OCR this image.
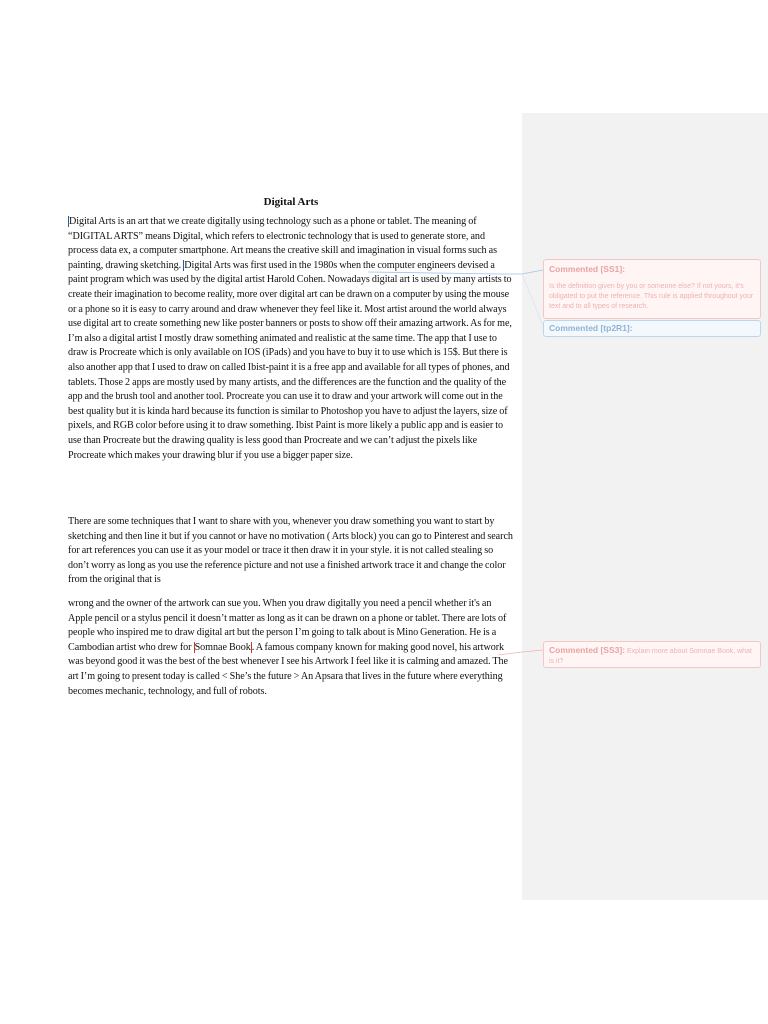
Digital Arts
Digital Arts is an art that we create digitally using technology such as a phone or tablet. The meaning of “DIGITAL ARTS” means Digital, which refers to electronic technology that is used to generate store, and process data ex, a computer smartphone. Art means the creative skill and imagination in visual forms such as painting, drawing sketching. Digital Arts was first used in the 1980s when the computer engineers devised a paint program which was used by the digital artist Harold Cohen. Nowadays digital art is used by many artists to create their imagination to become reality, more over digital art can be drawn on a computer by using the mouse or a phone so it is easy to carry around and draw whenever they feel like it. Most artist around the world always use digital art to create something new like poster banners or posts to show off their amazing artwork. As for me, I’m also a digital artist I mostly draw something animated and realistic at the same time. The app that I use to draw is Procreate which is only available on IOS (iPads) and you have to buy it to use which is 15$. But there is also another app that I used to draw on called Ibist-paint it is a free app and available for all types of phones, and tablets. Those 2 apps are mostly used by many artists, and the differences are the function and the quality of the app and the brush tool and another tool. Procreate you can use it to draw and your artwork will come out in the best quality but it is kinda hard because its function is similar to Photoshop you have to adjust the layers, size of pixels, and RGB color before using it to draw something. Ibist Paint is more likely a public app and is easier to use than Procreate but the drawing quality is less good than Procreate and we can’t adjust the pixels like Procreate which makes your drawing blur if you use a bigger paper size.
There are some techniques that I want to share with you, whenever you draw something you want to start by sketching and then line it but if you cannot or have no motivation ( Arts block) you can go to Pinterest and search for art references you can use it as your model or trace it then draw it in your style. it is not called stealing so don’t worry as long as you use the reference picture and not use a finished artwork trace it and change the color from the original that is
wrong and the owner of the artwork can sue you. When you draw digitally you need a pencil whether it's an Apple pencil or a stylus pencil it doesn’t matter as long as it can be drawn on a phone or tablet. There are lots of people who inspired me to draw digital art but the person I’m going to talk about is Mino Generation. He is a Cambodian artist who drew for Somnae Book. A famous company known for making good novel, his artwork was beyond good it was the best of the best whenever I see his Artwork I feel like it is calming and amazed. The art I’m going to present today is called < She’s the future > An Apsara that lives in the future where everything becomes mechanic, technology, and full of robots.
Commented [SS1]:
Is the definition given by you or someone else? If not yours, it's obligated to put the reference. This rule is applied throughout your text and to all types of research.
Commented [tp2R1]:
Commented [SS3]: Explain more about Somnae Book, what is it?
